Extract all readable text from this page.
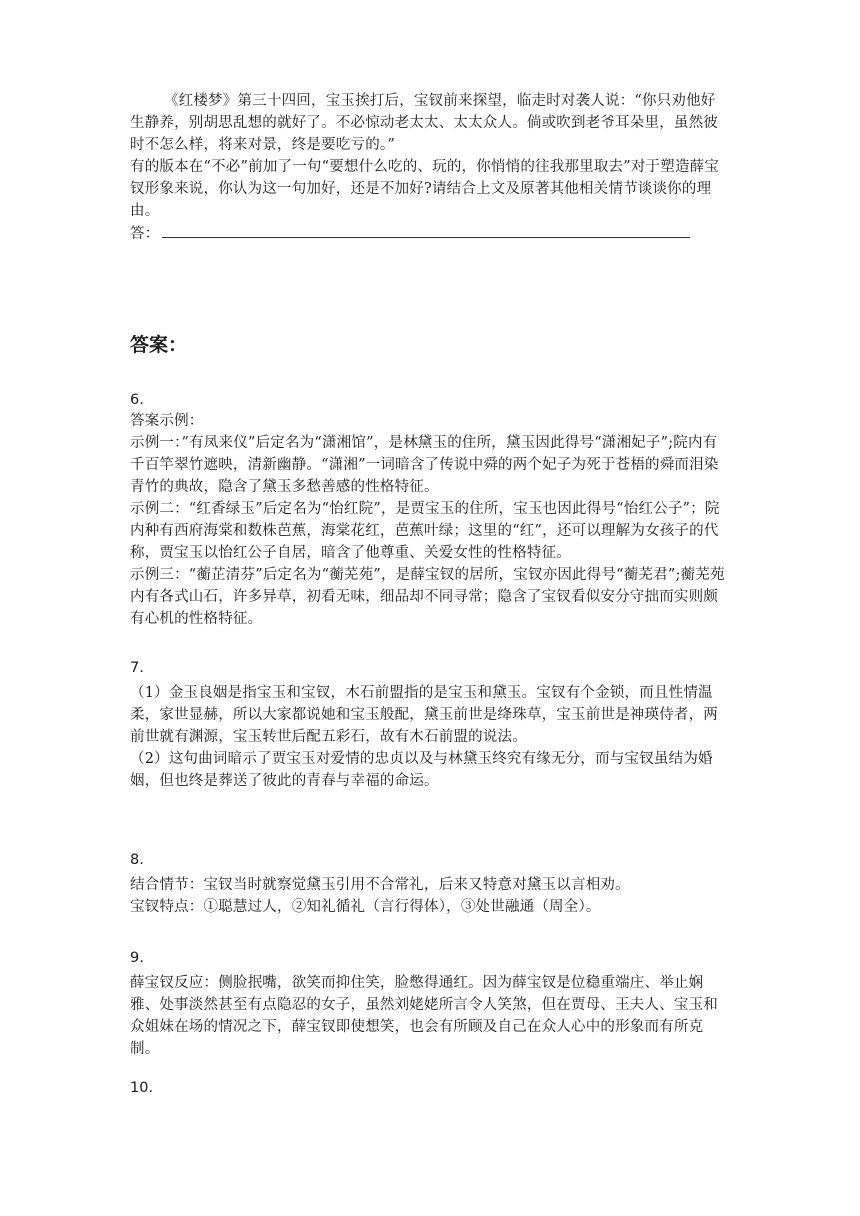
《红楼梦》第三十四回，宝玉挨打后，宝钗前来探望，临走时对袭人说：“你只劝他好生静养，别胡思乱想的就好了。不必惊动老太太、太太众人。倘或吹到老爷耳朵里，虽然彼时不怎么样，将来对景，终是要吃亏的。”

有的版本在“不必”前加了一句“要想什么吃的、玩的，你悄悄的往我那里取去”对于塑造薛宝钗形象来说，你认为这一句加好，还是不加好?请结合上文及原著其他相关情节谈谈你的理由。

答：
答案：
6.

答案示例：

示例一：”有凤来仪”后定名为“潇湘馆”，是林黛玉的住所，黛玉因此得号“潇湘妃子”;院内有千百竿翠竹遮映，清新幽静。“潇湘”一词暗含了传说中舜的两个妃子为死于苍梧的舜而泪染青竹的典故，隐含了黛玉多愁善感的性格特征。

示例二：“红香绿玉”后定名为“怡红院”，是贾宝玉的住所，宝玉也因此得号“怡红公子”；院内种有西府海棠和数株芭蕉，海棠花红，芭蕉叶绿；这里的“红”，还可以理解为女孩子的代称，贾宝玉以怡红公子自居，暗含了他尊重、关爱女性的性格特征。

示例三：“蘅芷清芬”后定名为“蘅芜苑”，是薛宝钗的居所，宝钗亦因此得号“蘅芜君”;蘅芜苑内有各式山石，许多异草，初看无味，细品却不同寻常；隐含了宝钗看似安分守拙而实则颇有心机的性格特征。

7.

（1）金玉良姻是指宝玉和宝钗，木石前盟指的是宝玉和黛玉。宝钗有个金锁，而且性情温柔，家世显赫，所以大家都说她和宝玉般配，黛玉前世是绛珠草，宝玉前世是神瑛侍者，两前世就有渊源，宝玉转世后配五彩石，故有木石前盟的说法。

（2）这句曲词暗示了贾宝玉对爱情的忠贞以及与林黛玉终究有缘无分，而与宝钗虽结为婚姻，但也终是葬送了彼此的青春与幸福的命运。

8.

结合情节：宝钗当时就察觉黛玉引用不合常礼，后来又特意对黛玉以言相劝。

宝钗特点：①聪慧过人，②知礼循礼（言行得体），③处世融通（周全）。

9.

薛宝钗反应：侧脸抿嘴，欲笑而抑住笑，脸憋得通红。因为薛宝钗是位稳重端庄、举止娴雅、处事淡然甚至有点隐忍的女子，虽然刘姥姥所言令人笑煞，但在贾母、王夫人、宝玉和众姐妹在场的情况之下，薛宝钗即使想笑，也会有所顾及自己在众人心中的形象而有所克制。

10.
